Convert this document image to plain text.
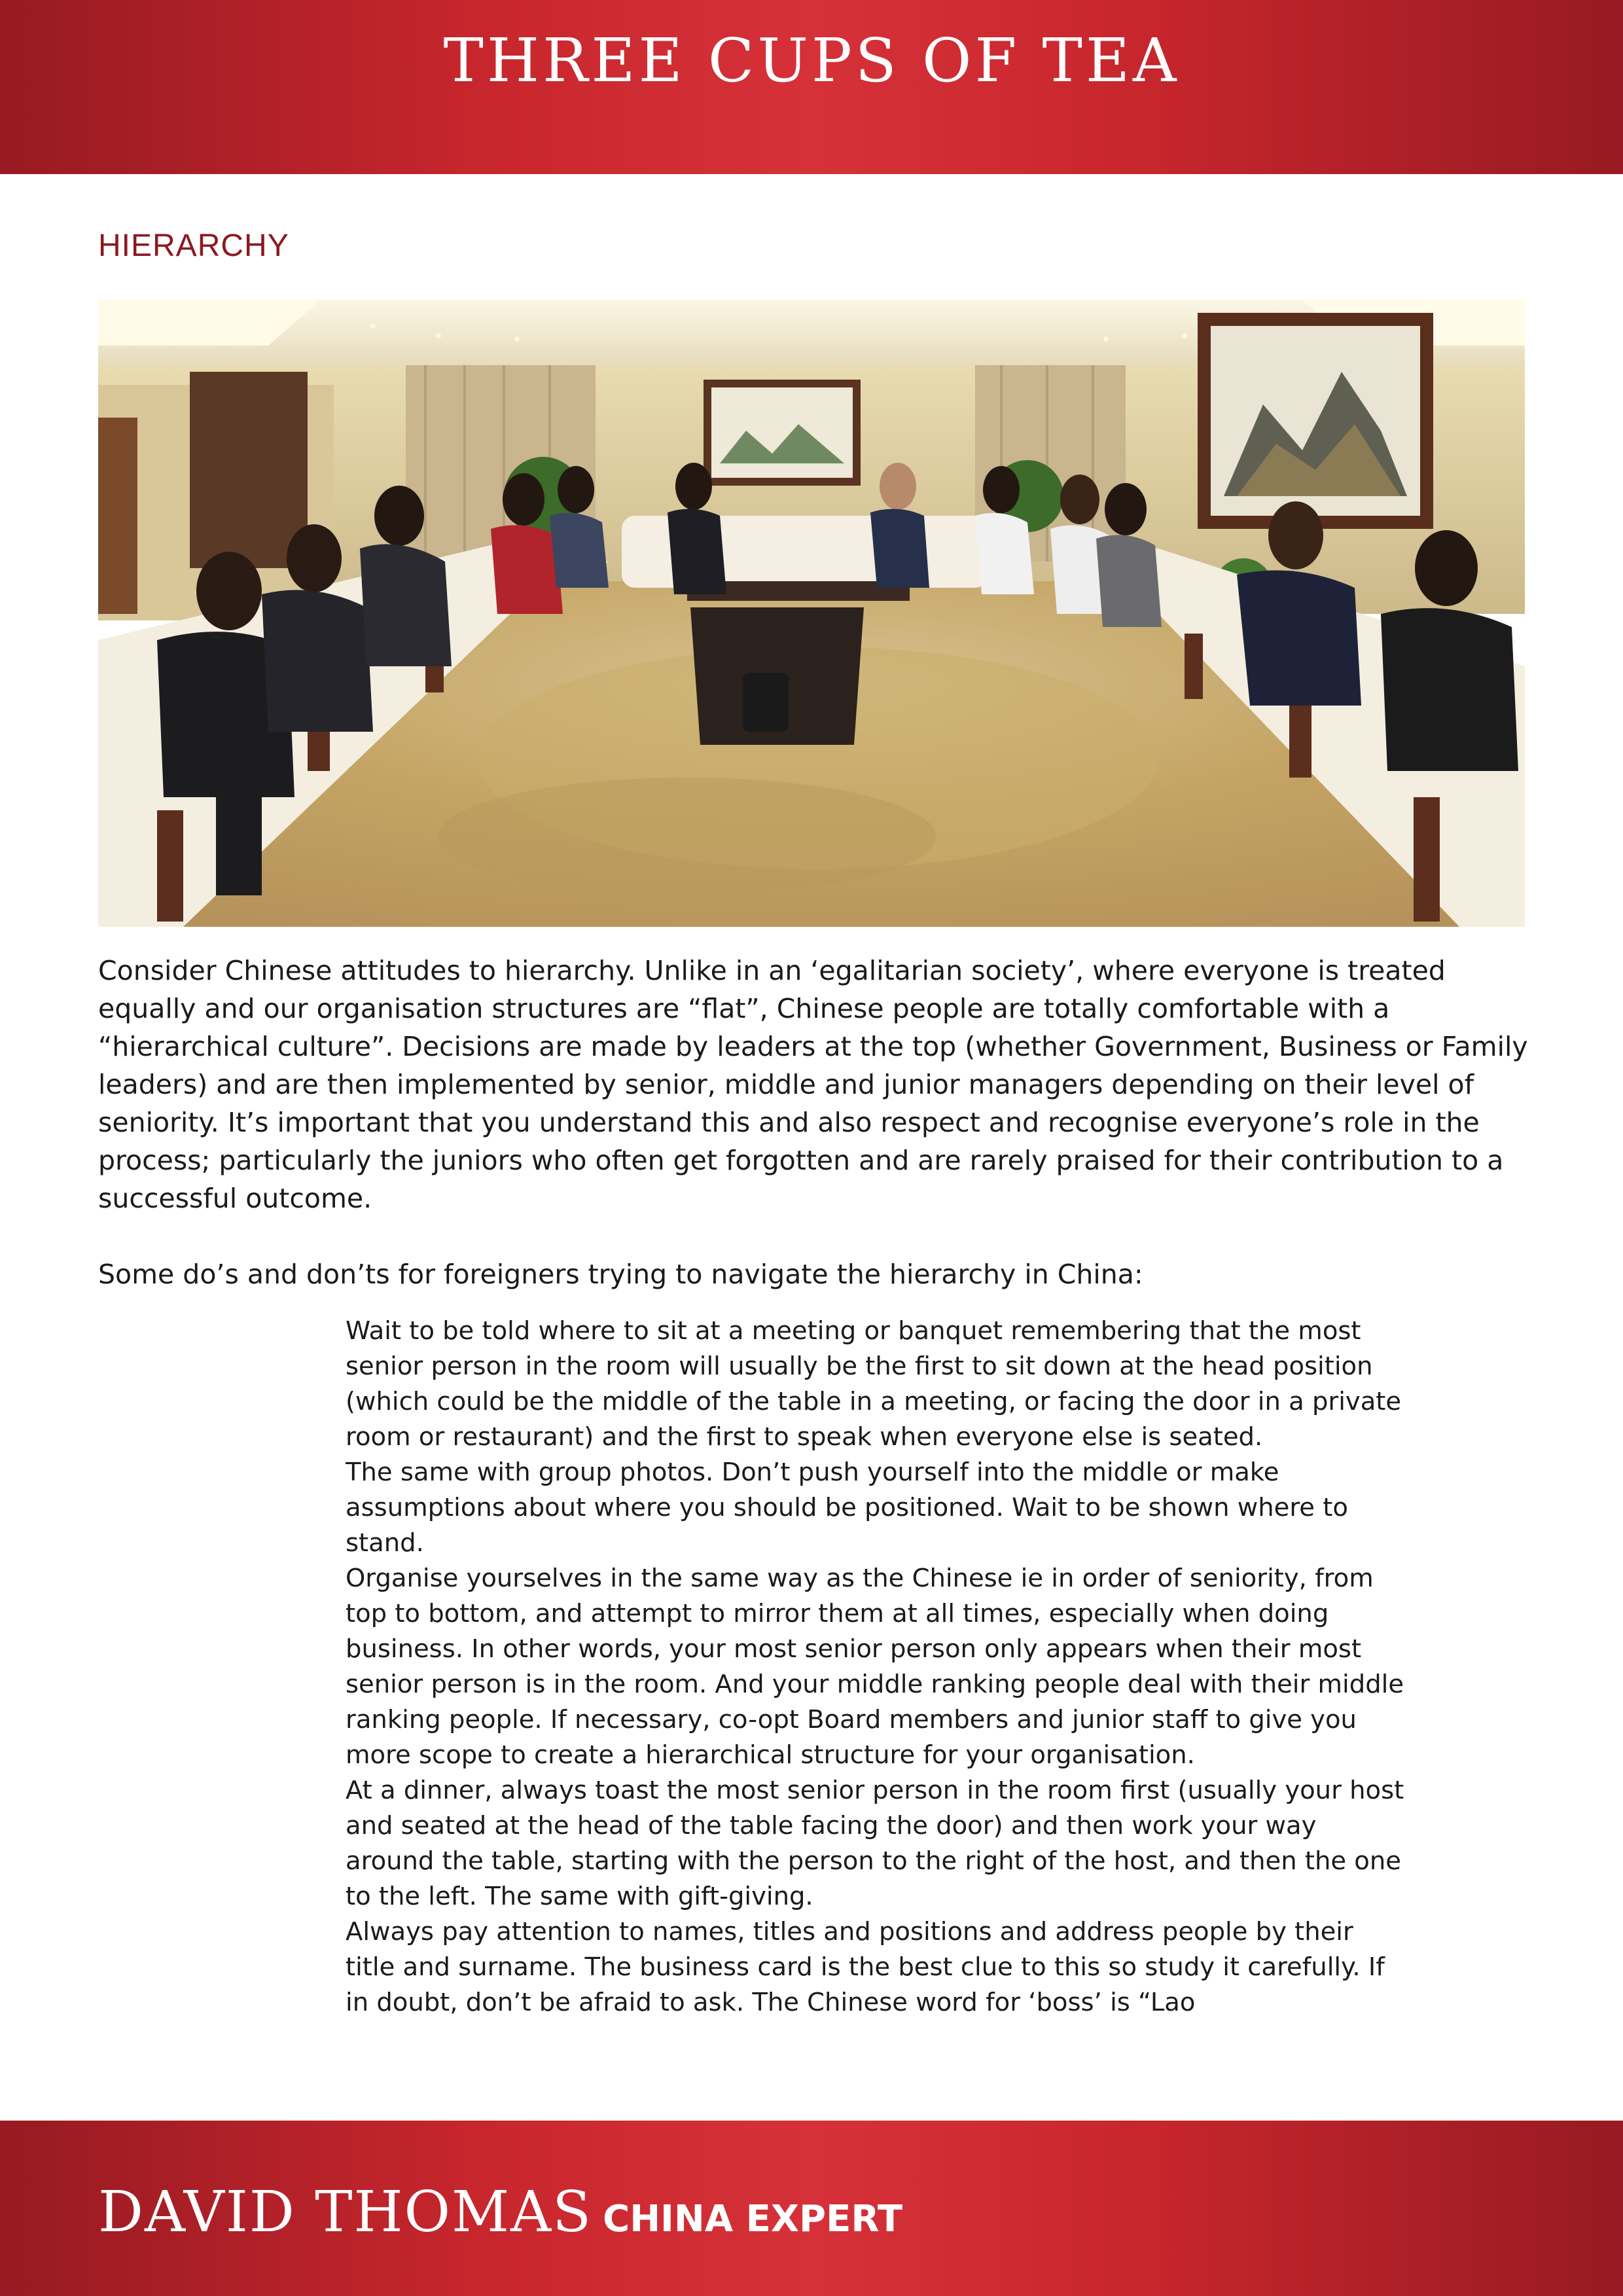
THREE CUPS OF TEA
HIERARCHY

Consider Chinese attitudes to hierarchy. Unlike in an ‘egalitarian society’, where everyone is treated equally and our organisation structures are “flat”, Chinese people are totally comfortable with a “hierarchical culture”. Decisions are made by leaders at the top (whether Government, Business or Family leaders) and are then implemented by senior, middle and junior managers depending on their level of seniority. It’s important that you understand this and also respect and recognise everyone’s role in the process; particularly the juniors who often get forgotten and are rarely praised for their contribution to a successful outcome.

Some do’s and don’ts for foreigners trying to navigate the hierarchy in China:

Wait to be told where to sit at a meeting or banquet remembering that the most senior person in the room will usually be the first to sit down at the head position (which could be the middle of the table in a meeting, or facing the door in a private room or restaurant) and the first to speak when everyone else is seated.
The same with group photos. Don’t push yourself into the middle or make assumptions about where you should be positioned. Wait to be shown where to stand.
Organise yourselves in the same way as the Chinese ie in order of seniority, from top to bottom, and attempt to mirror them at all times, especially when doing business. In other words, your most senior person only appears when their most senior person is in the room. And your middle ranking people deal with their middle ranking people. If necessary, co-opt Board members and junior staff to give you more scope to create a hierarchical structure for your organisation.
At a dinner, always toast the most senior person in the room first (usually your host and seated at the head of the table facing the door) and then work your way around the table, starting with the person to the right of the host, and then the one to the left. The same with gift-giving.
Always pay attention to names, titles and positions and address people by their title and surname. The business card is the best clue to this so study it carefully. If in doubt, don’t be afraid to ask. The Chinese word for ‘boss’ is “Lao
DAVID THOMAS CHINA EXPERT
